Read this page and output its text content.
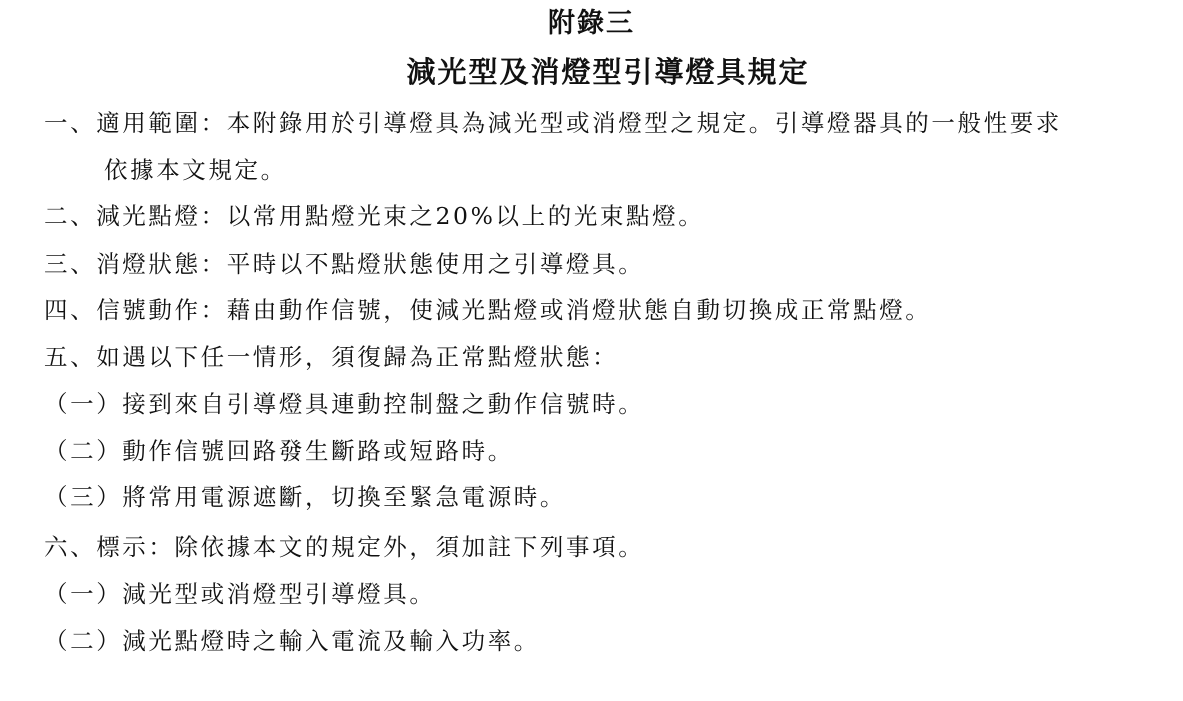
附錄三
減光型及消燈型引導燈具規定
一、適用範圍：本附錄用於引導燈具為減光型或消燈型之規定。引導燈器具的一般性要求
依據本文規定。
二、減光點燈：以常用點燈光束之20%以上的光束點燈。
三、消燈狀態：平時以不點燈狀態使用之引導燈具。
四、信號動作：藉由動作信號，使減光點燈或消燈狀態自動切換成正常點燈。
五、如遇以下任一情形，須復歸為正常點燈狀態：
（一）接到來自引導燈具連動控制盤之動作信號時。
（二）動作信號回路發生斷路或短路時。
（三）將常用電源遮斷，切換至緊急電源時。
六、標示：除依據本文的規定外，須加註下列事項。
（一）減光型或消燈型引導燈具。
（二）減光點燈時之輸入電流及輸入功率。
